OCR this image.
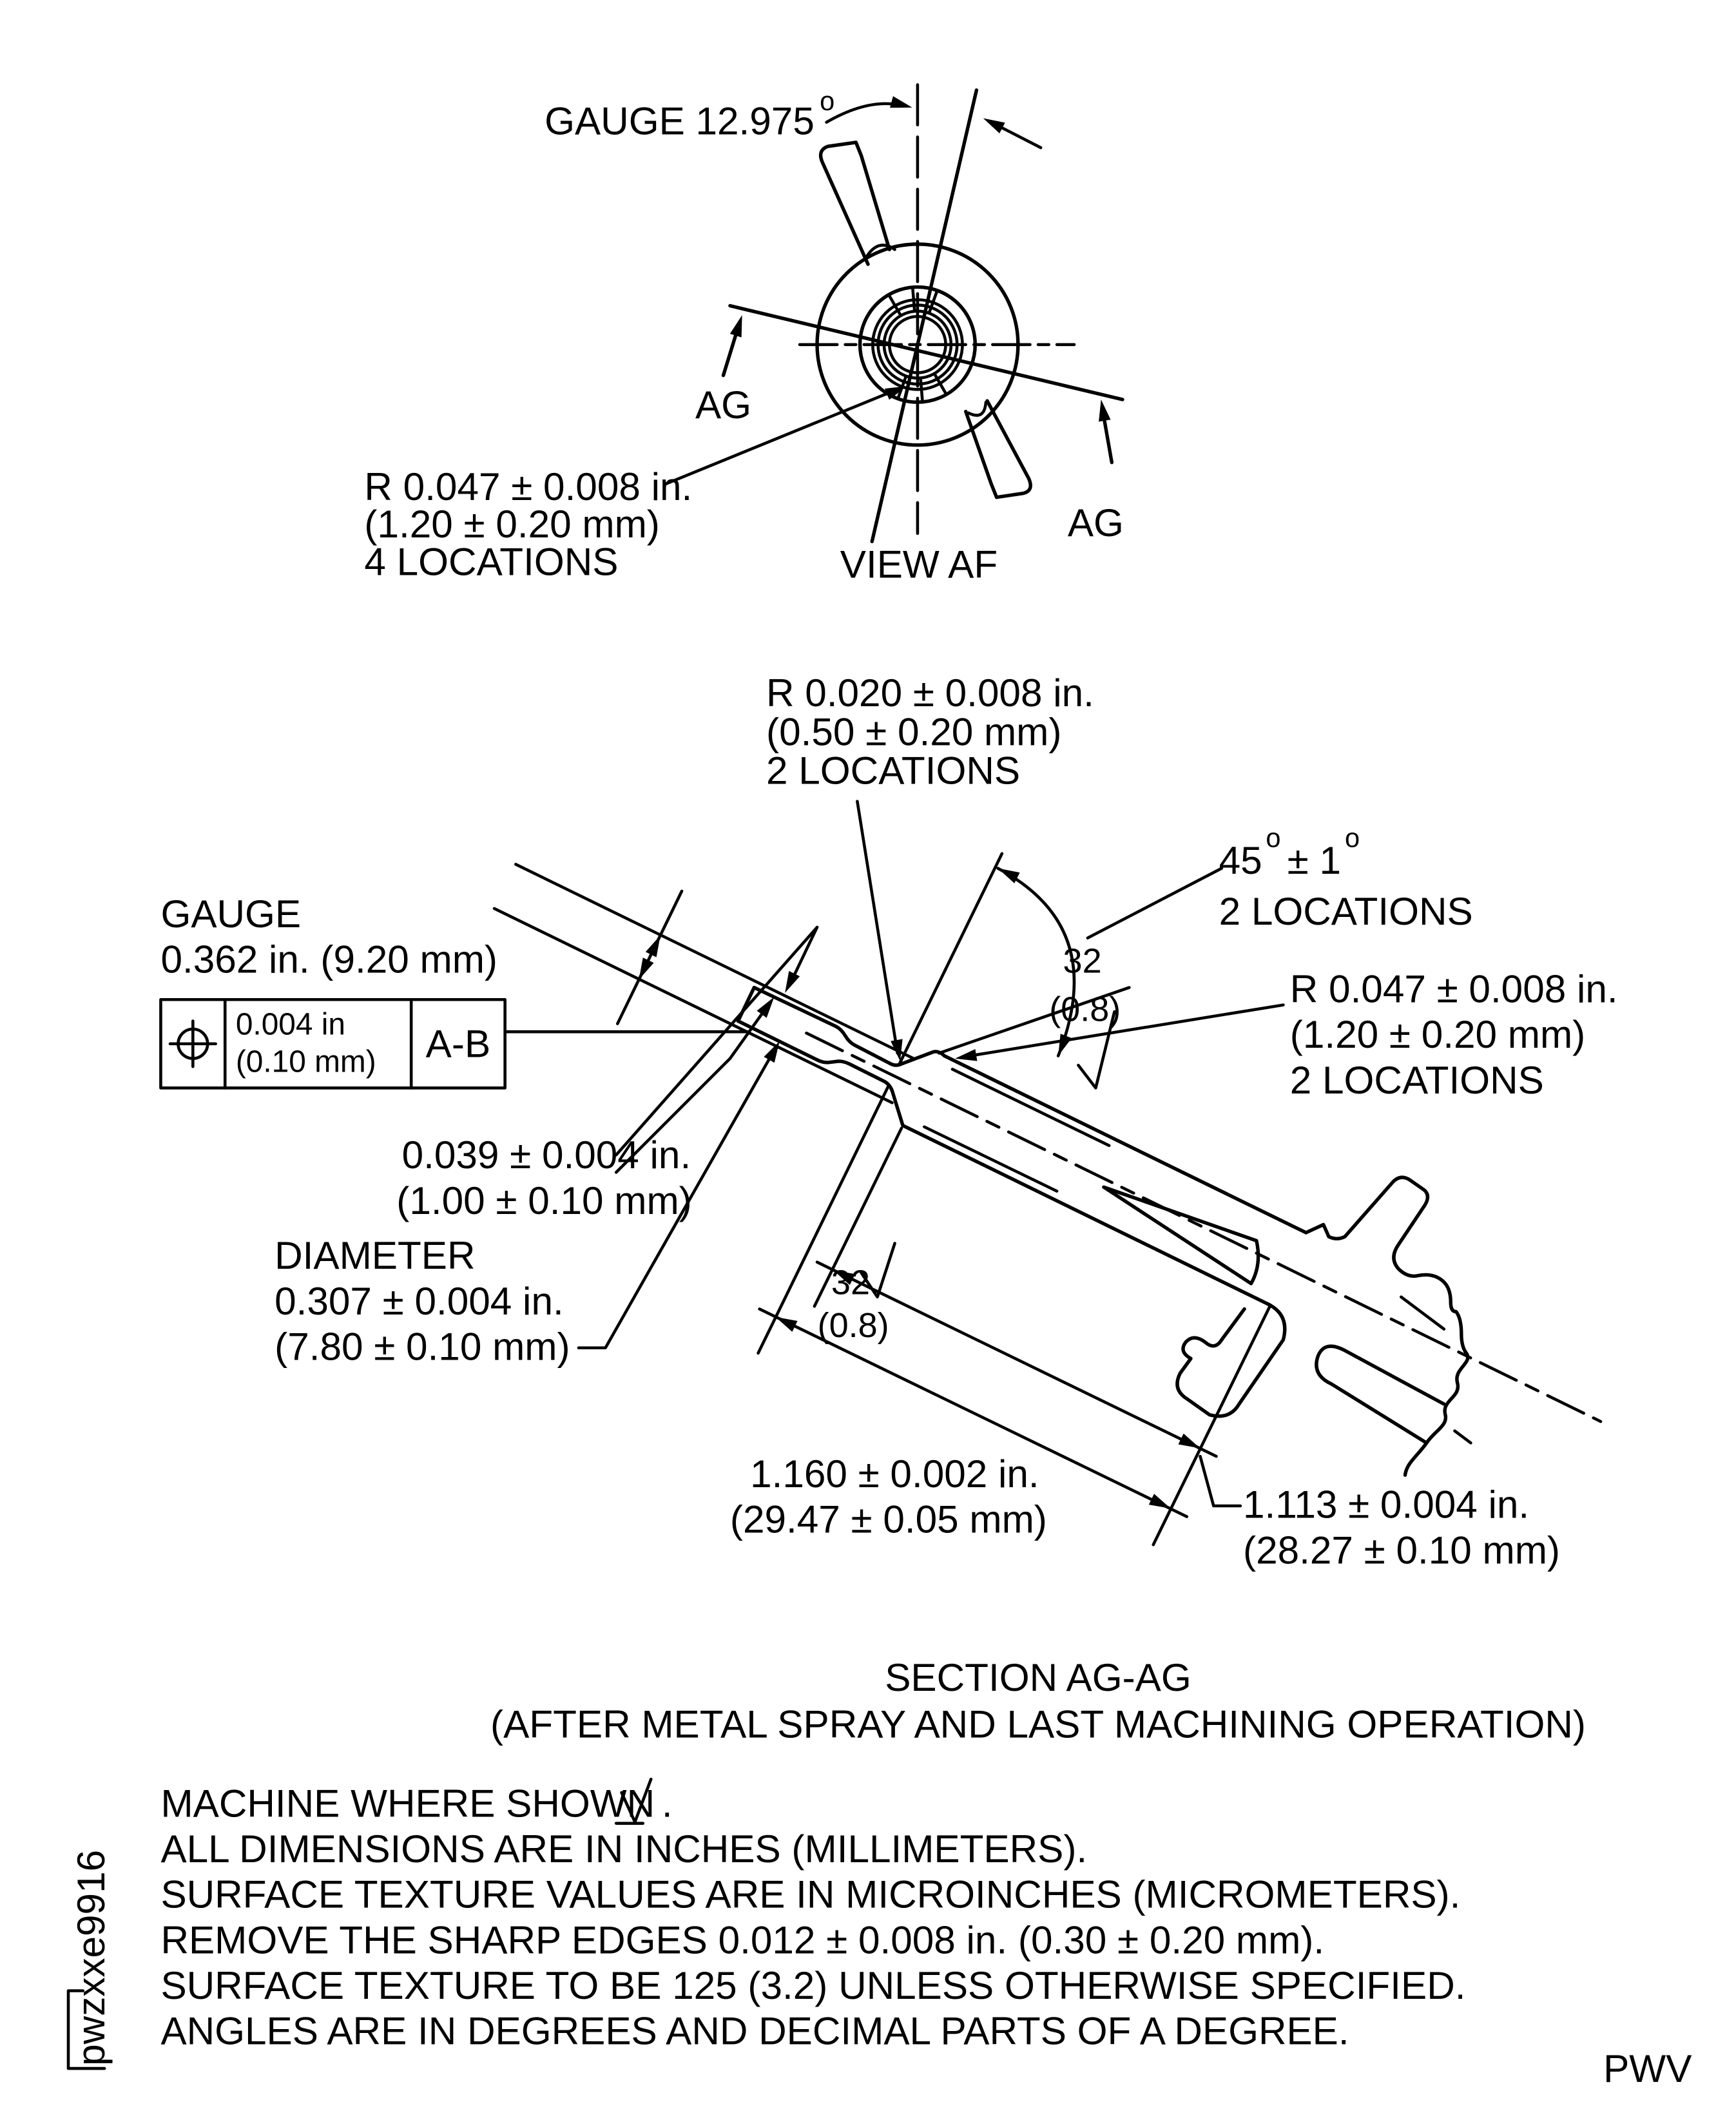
GAUGE 12.975 o
R 0.047 ± 0.008 in.
(1.20 ± 0.20 mm)
4 LOCATIONS	VIEW AF
AG
AG
R 0.020 ± 0.008 in.
(0.50 ± 0.20 mm)
2 LOCATIONS
45
o
± 1
o
2 LOCATIONS
32
(0.8)
32
(0.8)
GAUGE
0.362 in. (9.20 mm)
0.004 in
(0.10 mm)	A-B
0.039 ± 0.004 in.
(1.00 ± 0.10 mm)
DIAMETER
0.307 ± 0.004 in.
(7.80 ± 0.10 mm)
R 0.047 ± 0.008 in.
(1.20 ± 0.20 mm)
2 LOCATIONS
1.160 ± 0.002 in.
(29.47 ± 0.05 mm)	1.113 ± 0.004 in.
(28.27 ± 0.10 mm)
SECTION AG-AG
(AFTER METAL SPRAY AND LAST MACHINING OPERATION)
MACHINE WHERE SHOWN .
ALL DIMENSIONS ARE IN INCHES (MILLIMETERS).
SURFACE TEXTURE VALUES ARE IN MICROINCHES (MICROMETERS).
REMOVE THE SHARP EDGES 0.012 ± 0.008 in. (0.30 ± 0.20 mm).
SURFACE TEXTURE TO BE 125 (3.2) UNLESS OTHERWISE SPECIFIED.
ANGLES ARE IN DEGREES AND DECIMAL PARTS OF A DEGREE.
pwzxxe9916
PWV
